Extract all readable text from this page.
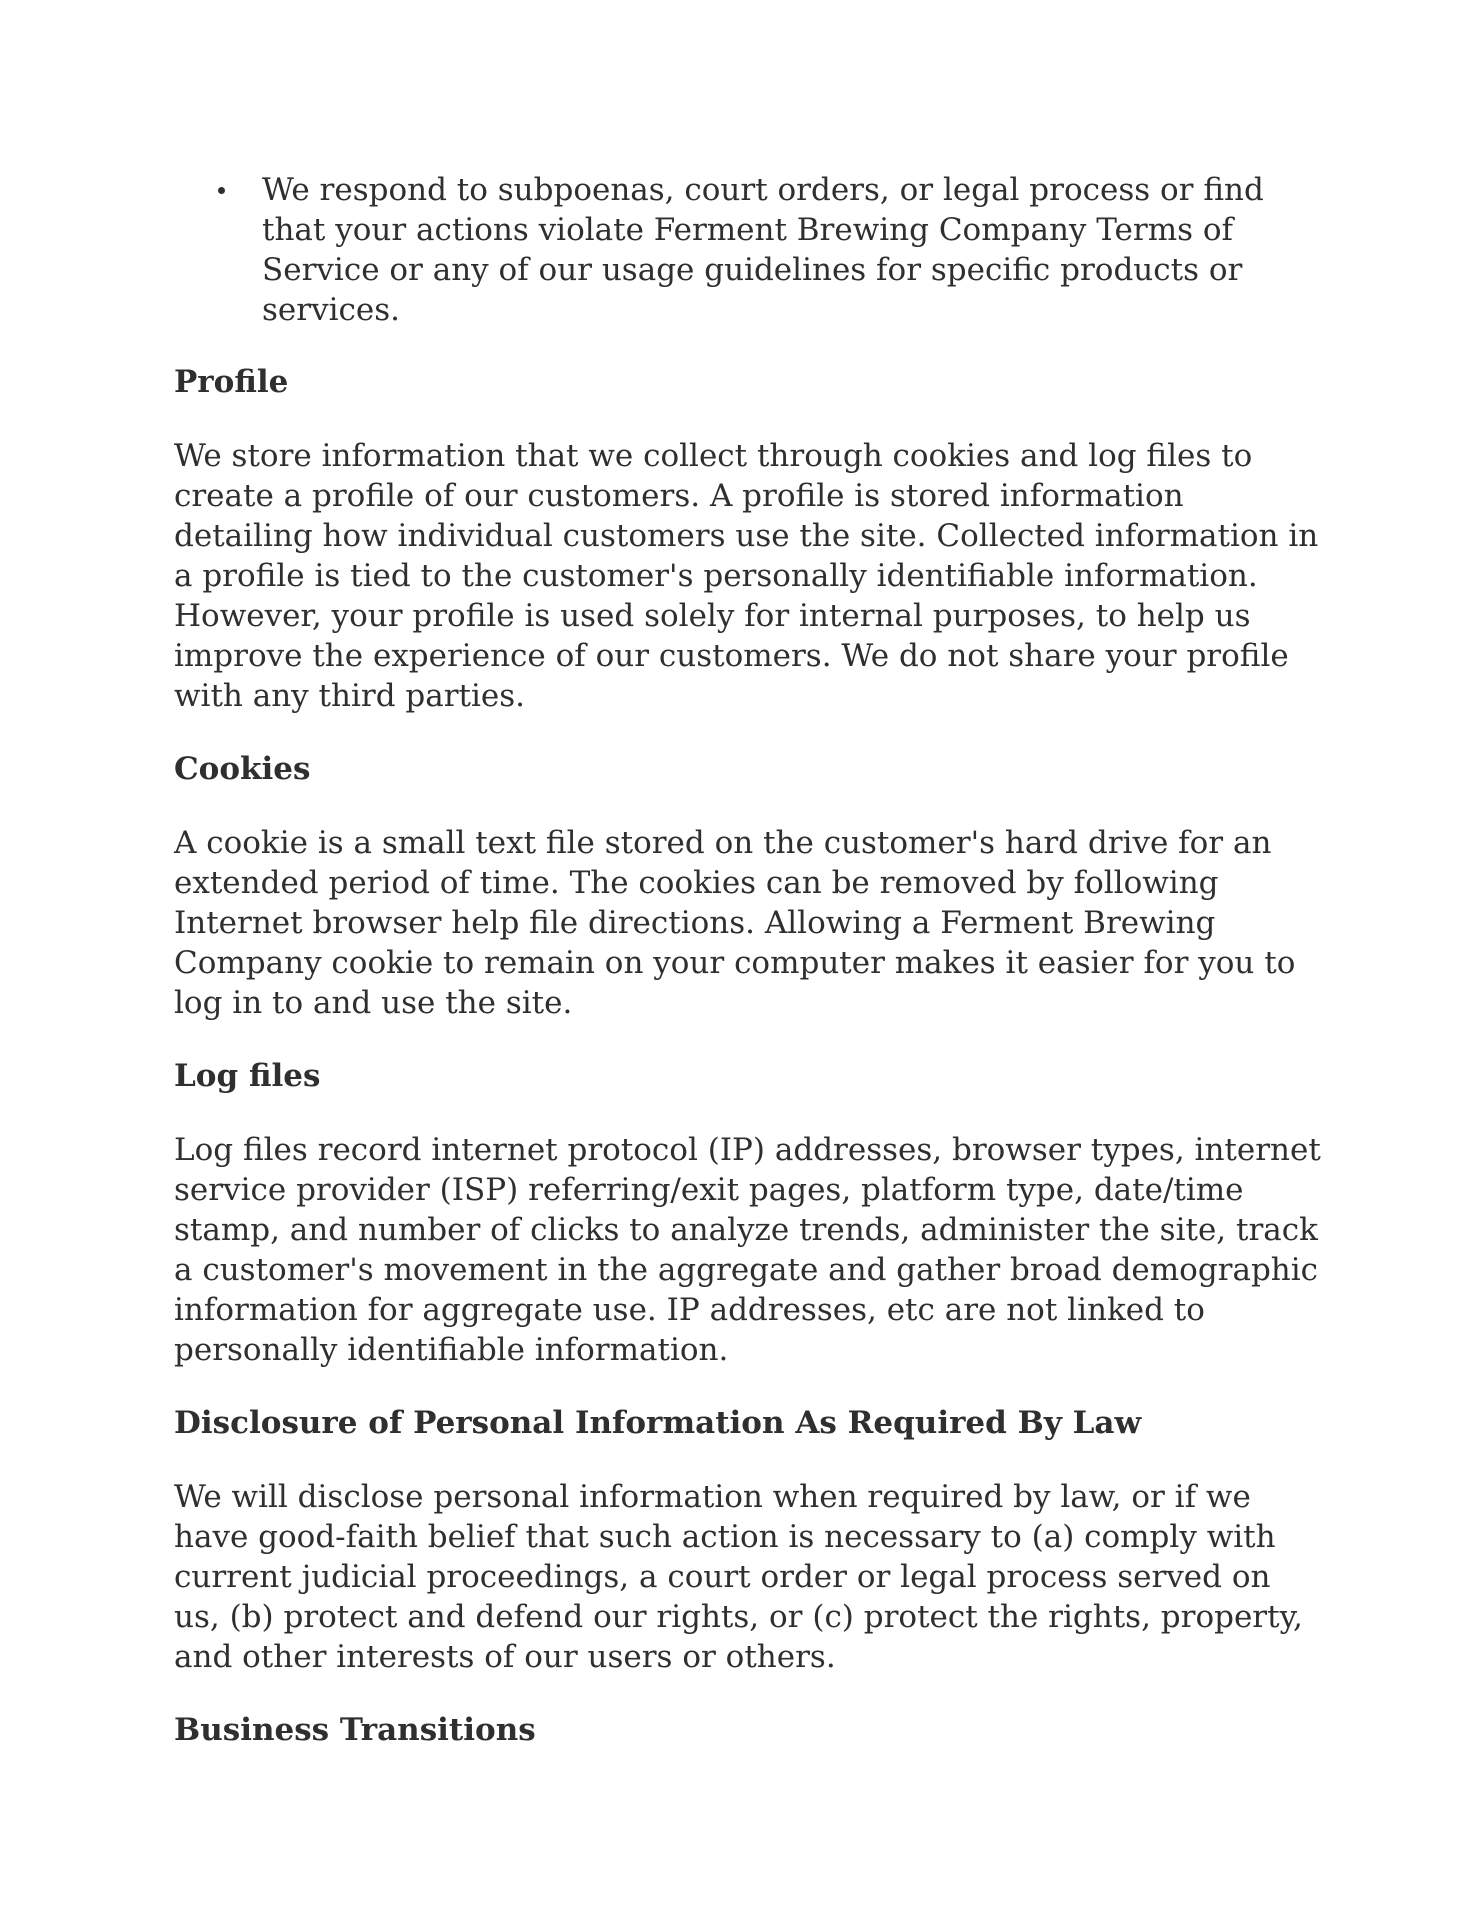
We respond to subpoenas, court orders, or legal process or find that your actions violate Ferment Brewing Company Terms of Service or any of our usage guidelines for specific products or services.
Profile

We store information that we collect through cookies and log files to create a profile of our customers. A profile is stored information detailing how individual customers use the site. Collected information in a profile is tied to the customer's personally identifiable information. However, your profile is used solely for internal purposes, to help us improve the experience of our customers. We do not share your profile with any third parties.

Cookies

A cookie is a small text file stored on the customer's hard drive for an extended period of time. The cookies can be removed by following Internet browser help file directions. Allowing a Ferment Brewing Company cookie to remain on your computer makes it easier for you to log in to and use the site.

Log files

Log files record internet protocol (IP) addresses, browser types, internet service provider (ISP) referring/exit pages, platform type, date/time stamp, and number of clicks to analyze trends, administer the site, track a customer's movement in the aggregate and gather broad demographic information for aggregate use. IP addresses, etc are not linked to personally identifiable information.

Disclosure of Personal Information As Required By Law

We will disclose personal information when required by law, or if we have good-faith belief that such action is necessary to (a) comply with current judicial proceedings, a court order or legal process served on us, (b) protect and defend our rights, or (c) protect the rights, property, and other interests of our users or others.

Business Transitions
